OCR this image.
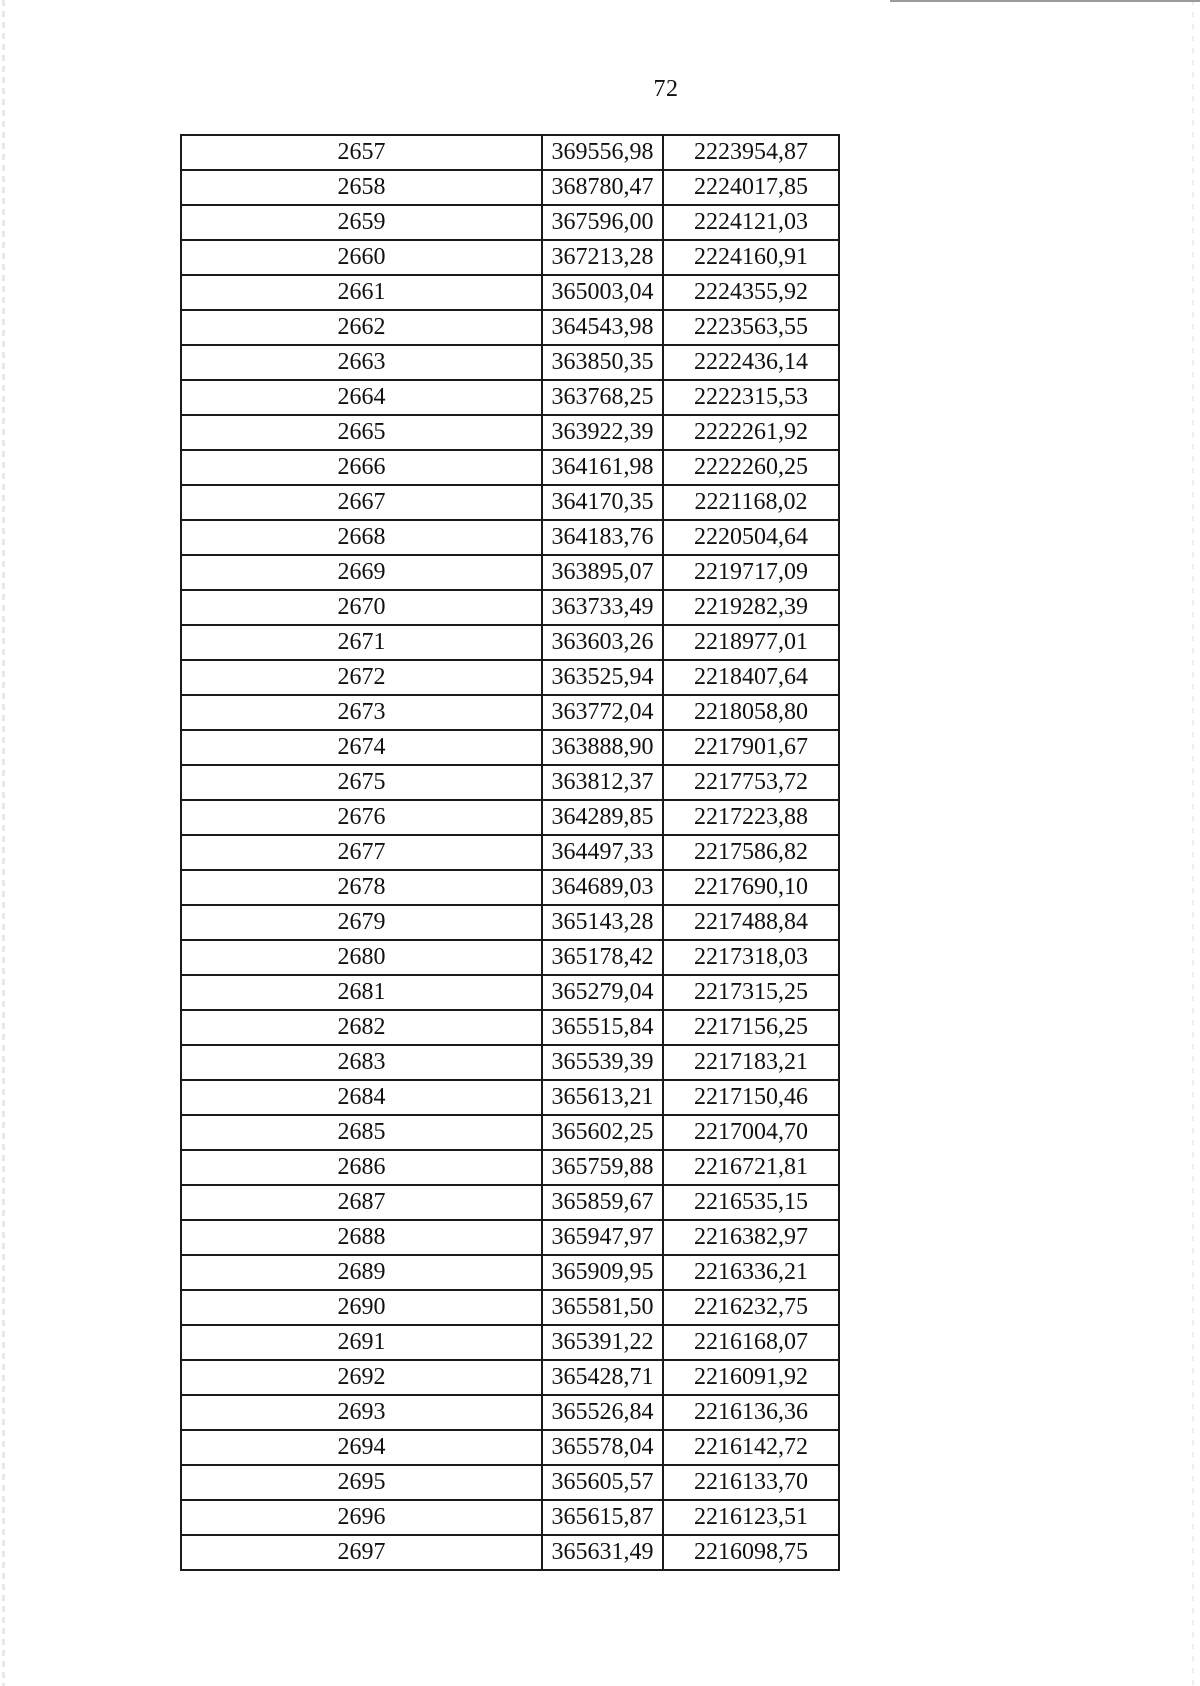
72
2657	369556,98	2223954,87
2658	368780,47	2224017,85
2659	367596,00	2224121,03
2660	367213,28	2224160,91
2661	365003,04	2224355,92
2662	364543,98	2223563,55
2663	363850,35	2222436,14
2664	363768,25	2222315,53
2665	363922,39	2222261,92
2666	364161,98	2222260,25
2667	364170,35	2221168,02
2668	364183,76	2220504,64
2669	363895,07	2219717,09
2670	363733,49	2219282,39
2671	363603,26	2218977,01
2672	363525,94	2218407,64
2673	363772,04	2218058,80
2674	363888,90	2217901,67
2675	363812,37	2217753,72
2676	364289,85	2217223,88
2677	364497,33	2217586,82
2678	364689,03	2217690,10
2679	365143,28	2217488,84
2680	365178,42	2217318,03
2681	365279,04	2217315,25
2682	365515,84	2217156,25
2683	365539,39	2217183,21
2684	365613,21	2217150,46
2685	365602,25	2217004,70
2686	365759,88	2216721,81
2687	365859,67	2216535,15
2688	365947,97	2216382,97
2689	365909,95	2216336,21
2690	365581,50	2216232,75
2691	365391,22	2216168,07
2692	365428,71	2216091,92
2693	365526,84	2216136,36
2694	365578,04	2216142,72
2695	365605,57	2216133,70
2696	365615,87	2216123,51
2697	365631,49	2216098,75
